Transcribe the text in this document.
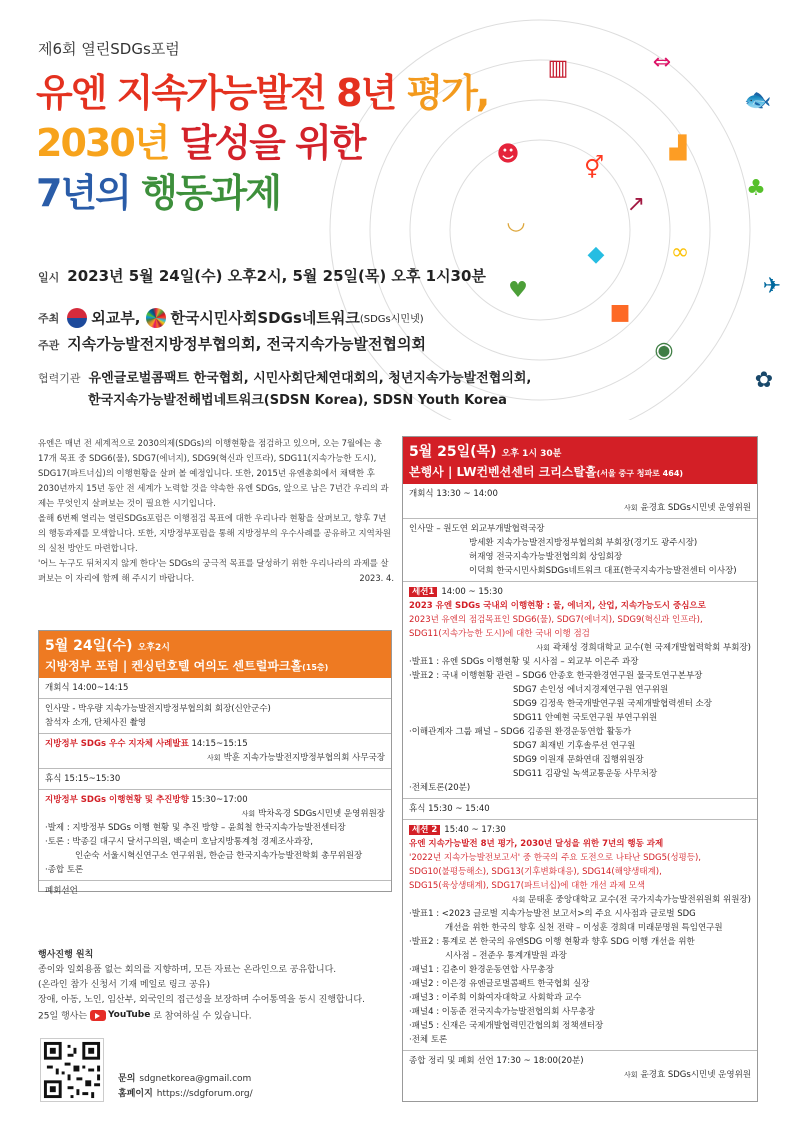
제6회 열린SDGs포럼
유엔 지속가능발전 8년 평가,
2030년 달성을 위한
7년의 행동과제
▥	⇔
🐟
☻
⚥
▟
♣
↗
◡
◆	∞
♥	✈
■
◉
✿
일시 2023년 5월 24일(수) 오후2시, 5월 25일(목) 오후 1시30분
주최 외교부, 한국시민사회SDGs네트워크 (SDGs시민넷)
주관 지속가능발전지방정부협의회, 전국지속가능발전협의회
협력기관 유엔글로벌콤팩트 한국협회, 시민사회단체연대회의, 청년지속가능발전협의회,
한국지속가능발전해법네트워크(SDSN Korea), SDSN Youth Korea

유엔은 매년 전 세계적으로 2030의제(SDGs)의 이행현황을 점검하고 있으며, 오는 7월에는 총 17개 목표 중 SDG6(물), SDG7(에너지), SDG9(혁신과 인프라), SDG11(지속가능한 도시), SDG17(파트너십)의 이행현황을 살펴 볼 예정입니다. 또한, 2015년 유엔총회에서 채택한 후 2030년까지 15년 동안 전 세계가 노력할 것을 약속한 유엔 SDGs, 앞으로 남은 7년간 우리의 과제는 무엇인지 살펴보는 것이 필요한 시기입니다.

올해 6번째 열리는 열린SDGs포럼은 이행점검 목표에 대한 우리나라 현황을 살펴보고, 향후 7년의 행동과제를 모색합니다. 또한, 지방정부포럼을 통해 지방정부의 우수사례를 공유하고 지역차원의 실천 방안도 마련합니다.

'어느 누구도 뒤처지지 않게 한다'는 SDGs의 궁극적 목표를 달성하기 위한 우리나라의 과제를 살펴보는 이 자리에 함께 해 주시기 바랍니다.	2023. 4.

5월 24일(수) 오후2시
지방정부 포럼 | 켄싱턴호텔 여의도 센트럴파크홀(15층)
개회식 14:00~14:15
인사말 - 박우량 지속가능발전지방정부협의회 회장(신안군수)
참석자 소개, 단체사진 촬영
지방정부 SDGs 우수 지자체 사례발표 14:15~15:15
사회 박훈 지속가능발전지방정부협의회 사무국장
휴식 15:15~15:30
지방정부 SDGs 이행현황 및 추진방향 15:30~17:00
사회 박차옥경 SDGs시민넷 운영위원장
·발제 : 지방정부 SDGs 이행 현황 및 추진 방향 – 윤희철 한국지속가능발전센터장
·토론 : 박종길 대구시 달서구의원, 백순미 호남지방통계청 경제조사과장,
인순숙 서울시혁신연구소 연구위원, 한순금 한국지속가능발전학회 총무위원장
·종합 토론
폐회선언
5월 25일(목) 오후 1시 30분
본행사 | LW컨벤션센터 크리스탈홀(서울 중구 청파로 464)
개회식 13:30 ~ 14:00
사회 윤경효 SDGs시민넷 운영위원
인사말 – 원도연 외교부개발협력국장
방세환 지속가능발전지방정부협의회 부회장(경기도 광주시장)
허재영 전국지속가능발전협의회 상임회장
이덕희 한국시민사회SDGs네트워크 대표(한국지속가능발전센터 이사장)
세션1 14:00 ~ 15:30
2023 유엔 SDGs 국내외 이행현황 : 물, 에너지, 산업, 지속가능도시 중심으로
2023년 유엔의 점검목표인 SDG6(물), SDG7(에너지), SDG9(혁신과 인프라),
SDG11(지속가능한 도시)에 대한 국내 이행 점검
사회 곽채성 경희대학교 교수(현 국제개발협력학회 부회장)
·발표1 : 유엔 SDGs 이행현황 및 시사점 – 외교부 이은주 과장
·발표2 : 국내 이행현황 관련 – SDG6 안종호 한국환경연구원 물국토연구본부장
SDG7 손인성 에너지경제연구원 연구위원
SDG9 김정욱 한국개발연구원 국제개발협력센터 소장
SDG11 안예현 국토연구원 부연구위원
·이해관계자 그룹 패널 – SDG6 김종원 환경운동연합 활동가
SDG7 최재빈 기후솔루션 연구원
SDG9 이원재 문화연대 집행위원장
SDG11 김광일 녹색교통운동 사무처장
·전체토론(20분)
휴식 15:30 ~ 15:40
세션 2 15:40 ~ 17:30
유엔 지속가능발전 8년 평가, 2030년 달성을 위한 7년의 행동 과제
'2022년 지속가능발전보고서' 중 한국의 주요 도전으로 나타난 SDG5(성평등),
SDG10(불평등해소), SDG13(기후변화대응), SDG14(해양생태계),
SDG15(육상생태계), SDG17(파트너십)에 대한 개선 과제 모색
사회 문태훈 중앙대학교 교수(전 국가지속가능발전위원회 위원장)
·발표1 : <2023 글로벌 지속가능발전 보고서>의 주요 시사점과 글로벌 SDG
개선을 위한 한국의 향후 실천 전략 – 이성훈 경희대 미래문명원 특임연구원
·발표2 : 통계로 본 한국의 유엔SDG 이행 현황과 향후 SDG 이행 개선을 위한
시사점 – 전준우 통계개발원 과장
·패널1 : 김춘이 환경운동연합 사무총장
·패널2 : 이은경 유엔글로벌콤팩트 한국협회 실장
·패널3 : 이주희 이화여자대학교 사회학과 교수
·패널4 : 이동준 전국지속가능발전협의회 사무총장
·패널5 : 신재은 국제개발협력민간협의회 정책센터장
·전체 토론
종합 정리 및 폐회 선언 17:30 ~ 18:00(20분)
사회 윤경효 SDGs시민넷 운영위원
행사진행 원칙
종이와 일회용품 없는 회의를 지향하며, 모든 자료는 온라인으로 공유합니다.
(온라인 참가 신청서 기재 메일로 링크 공유)
장애, 아동, 노인, 임산부, 외국인의 접근성을 보장하며 수어통역을 동시 진행합니다.
25일 행사는 YouTube 로 참여하실 수 있습니다.
문의 sdgnetkorea@gmail.com
홈페이지 https://sdgforum.org/
